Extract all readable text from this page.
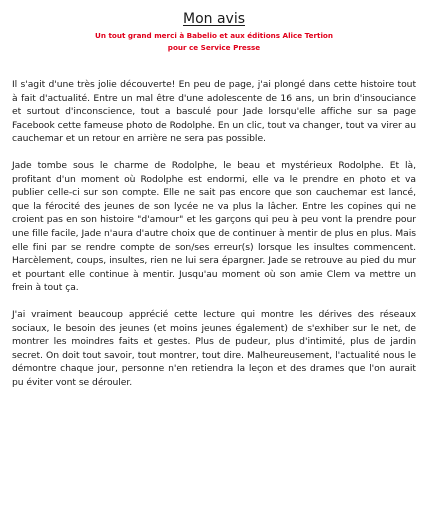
Mon avis

Un tout grand merci à Babelio et aux éditions Alice Tertion
pour ce Service Presse

Il s'agit d'une très jolie découverte! En peu de page, j'ai plongé dans cette histoire tout à fait d'actualité. Entre un mal être d'une adolescente de 16 ans, un brin d'insouciance et surtout d'inconscience, tout a basculé pour Jade lorsqu'elle affiche sur sa page Facebook cette fameuse photo de Rodolphe. En un clic, tout va changer, tout va virer au cauchemar et un retour en arrière ne sera pas possible.

Jade tombe sous le charme de Rodolphe, le beau et mystérieux Rodolphe. Et là, profitant d'un moment où Rodolphe est endormi, elle va le prendre en photo et va publier celle-ci sur son compte. Elle ne sait pas encore que son cauchemar est lancé, que la férocité des jeunes de son lycée ne va plus la lâcher. Entre les copines qui ne croient pas en son histoire "d'amour" et les garçons qui peu à peu vont la prendre pour une fille facile, Jade n'aura d'autre choix que de continuer à mentir de plus en plus. Mais elle fini par se rendre compte de son/ses erreur(s) lorsque les insultes commencent. Harcèlement, coups, insultes, rien ne lui sera épargner. Jade se retrouve au pied du mur et pourtant elle continue à mentir. Jusqu'au moment où son amie Clem va mettre un frein à tout ça.

J'ai vraiment beaucoup apprécié cette lecture qui montre les dérives des réseaux sociaux, le besoin des jeunes (et moins jeunes également) de s'exhiber sur le net, de montrer les moindres faits et gestes. Plus de pudeur, plus d'intimité, plus de jardin secret. On doit tout savoir, tout montrer, tout dire. Malheureusement, l'actualité nous le démontre chaque jour, personne n'en retiendra la leçon et des drames que l'on aurait pu éviter vont se dérouler.
